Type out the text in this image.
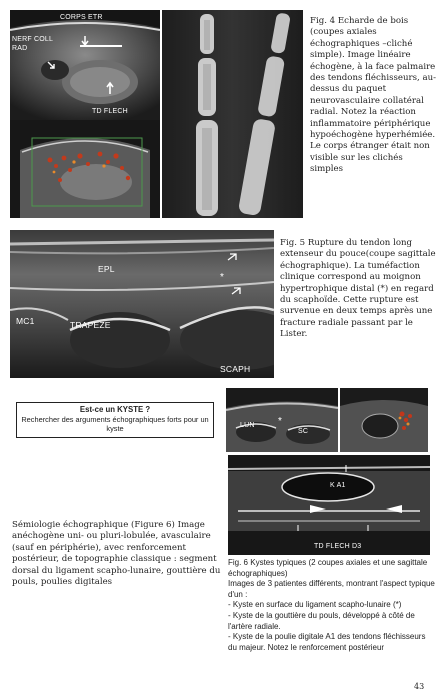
CORPS ETR
NERF COLL
RAD
TD FLECH
Fig. 4 Echarde de bois (coupes axiales échographiques –cliché simple). Image linéaire échogène, à la face palmaire des tendons fléchisseurs, au-dessus du paquet neurovasculaire collatéral radial. Notez la réaction inflammatoire périphérique hypoéchogène hyperhémiée. Le corps étranger était non visible sur les clichés simples
EPL
*
MC1	TRAPEZE
SCAPH
Fig. 5 Rupture du tendon long extenseur du pouce(coupe sagittale échographique). La tuméfaction clinique correspond au moignon hypertrophique distal (*) en regard du scaphoïde. Cette rupture est survenue en deux temps après une fracture radiale passant par le Lister.
Est-ce un KYSTE ?
Rechercher des arguments échographiques forts pour un kyste
Sémiologie échographique (Figure 6) Image anéchogène uni- ou pluri-lobulée, avasculaire (sauf en périphérie), avec renforcement postérieur, de topographie classique : segment dorsal du ligament scapho-lunaire, gouttière du pouls, poulies digitales
LUN *
SC
K A1
TD FLECH D3

Fig. 6 Kystes typiques (2 coupes axiales et une sagittale échographiques)

Images de 3 patientes différents, montrant l'aspect typique d'un :

- Kyste en surface du ligament scapho-lunaire (*)

- Kyste de la gouttière du pouls, développé à côté de l'artère radiale.

- Kyste de la poulie digitale A1 des tendons fléchisseurs du majeur. Notez le renforcement postérieur

43
